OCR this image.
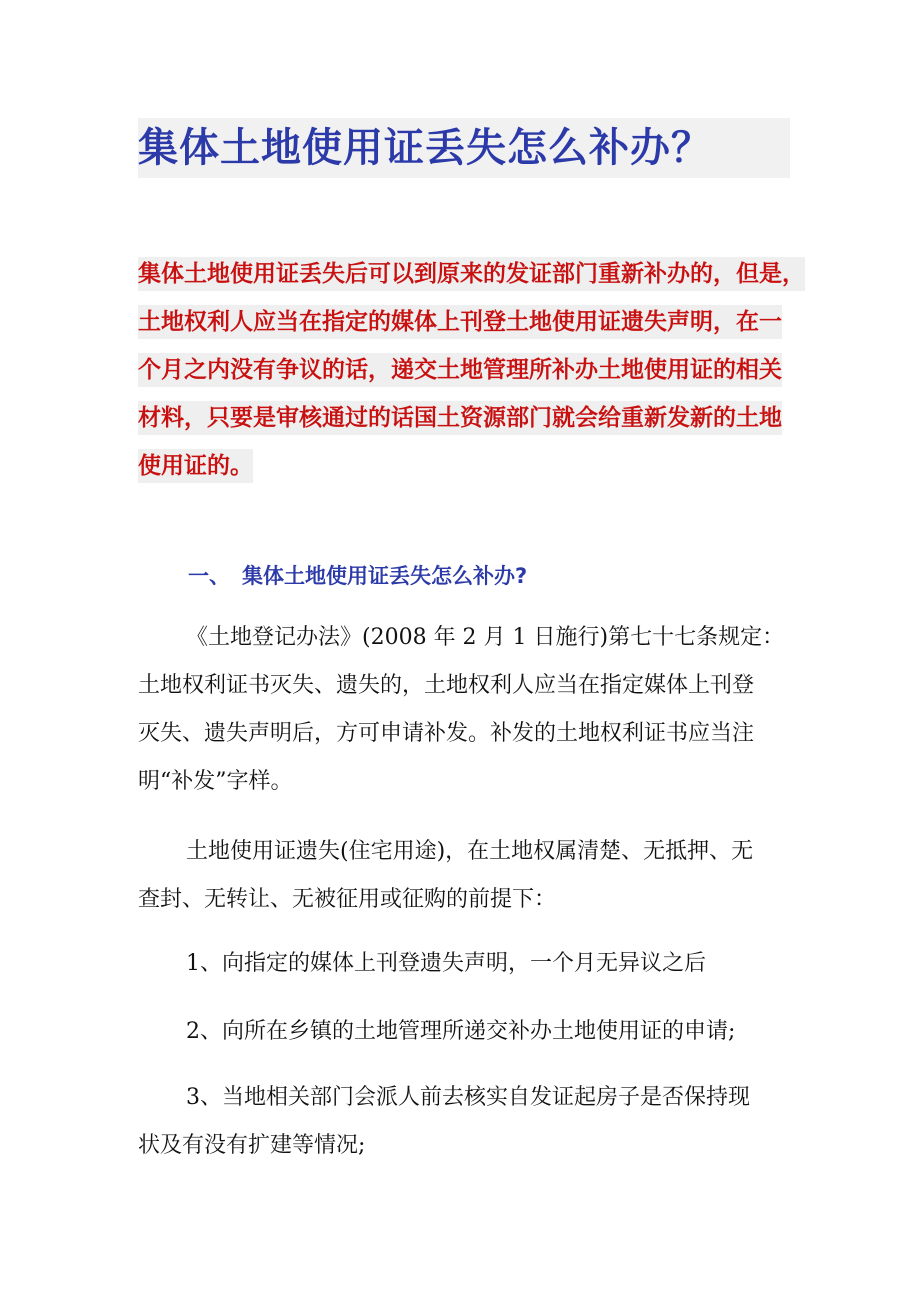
集体土地使用证丢失怎么补办？
集体土地使用证丢失后可以到原来的发证部门重新补办的，但是，
土地权利人应当在指定的媒体上刊登土地使用证遗失声明，在一
个月之内没有争议的话，递交土地管理所补办土地使用证的相关
材料，只要是审核通过的话国土资源部门就会给重新发新的土地
使用证的。
一、 集体土地使用证丢失怎么补办?
《土地登记办法》(2008 年 2 月 1 日施行)第七十七条规定：
土地权利证书灭失、遗失的，土地权利人应当在指定媒体上刊登
灭失、遗失声明后，方可申请补发。补发的土地权利证书应当注
明“补发”字样。
土地使用证遗失(住宅用途)，在土地权属清楚、无抵押、无
查封、无转让、无被征用或征购的前提下：
1、向指定的媒体上刊登遗失声明，一个月无异议之后
2、向所在乡镇的土地管理所递交补办土地使用证的申请;
3、当地相关部门会派人前去核实自发证起房子是否保持现
状及有没有扩建等情况;
